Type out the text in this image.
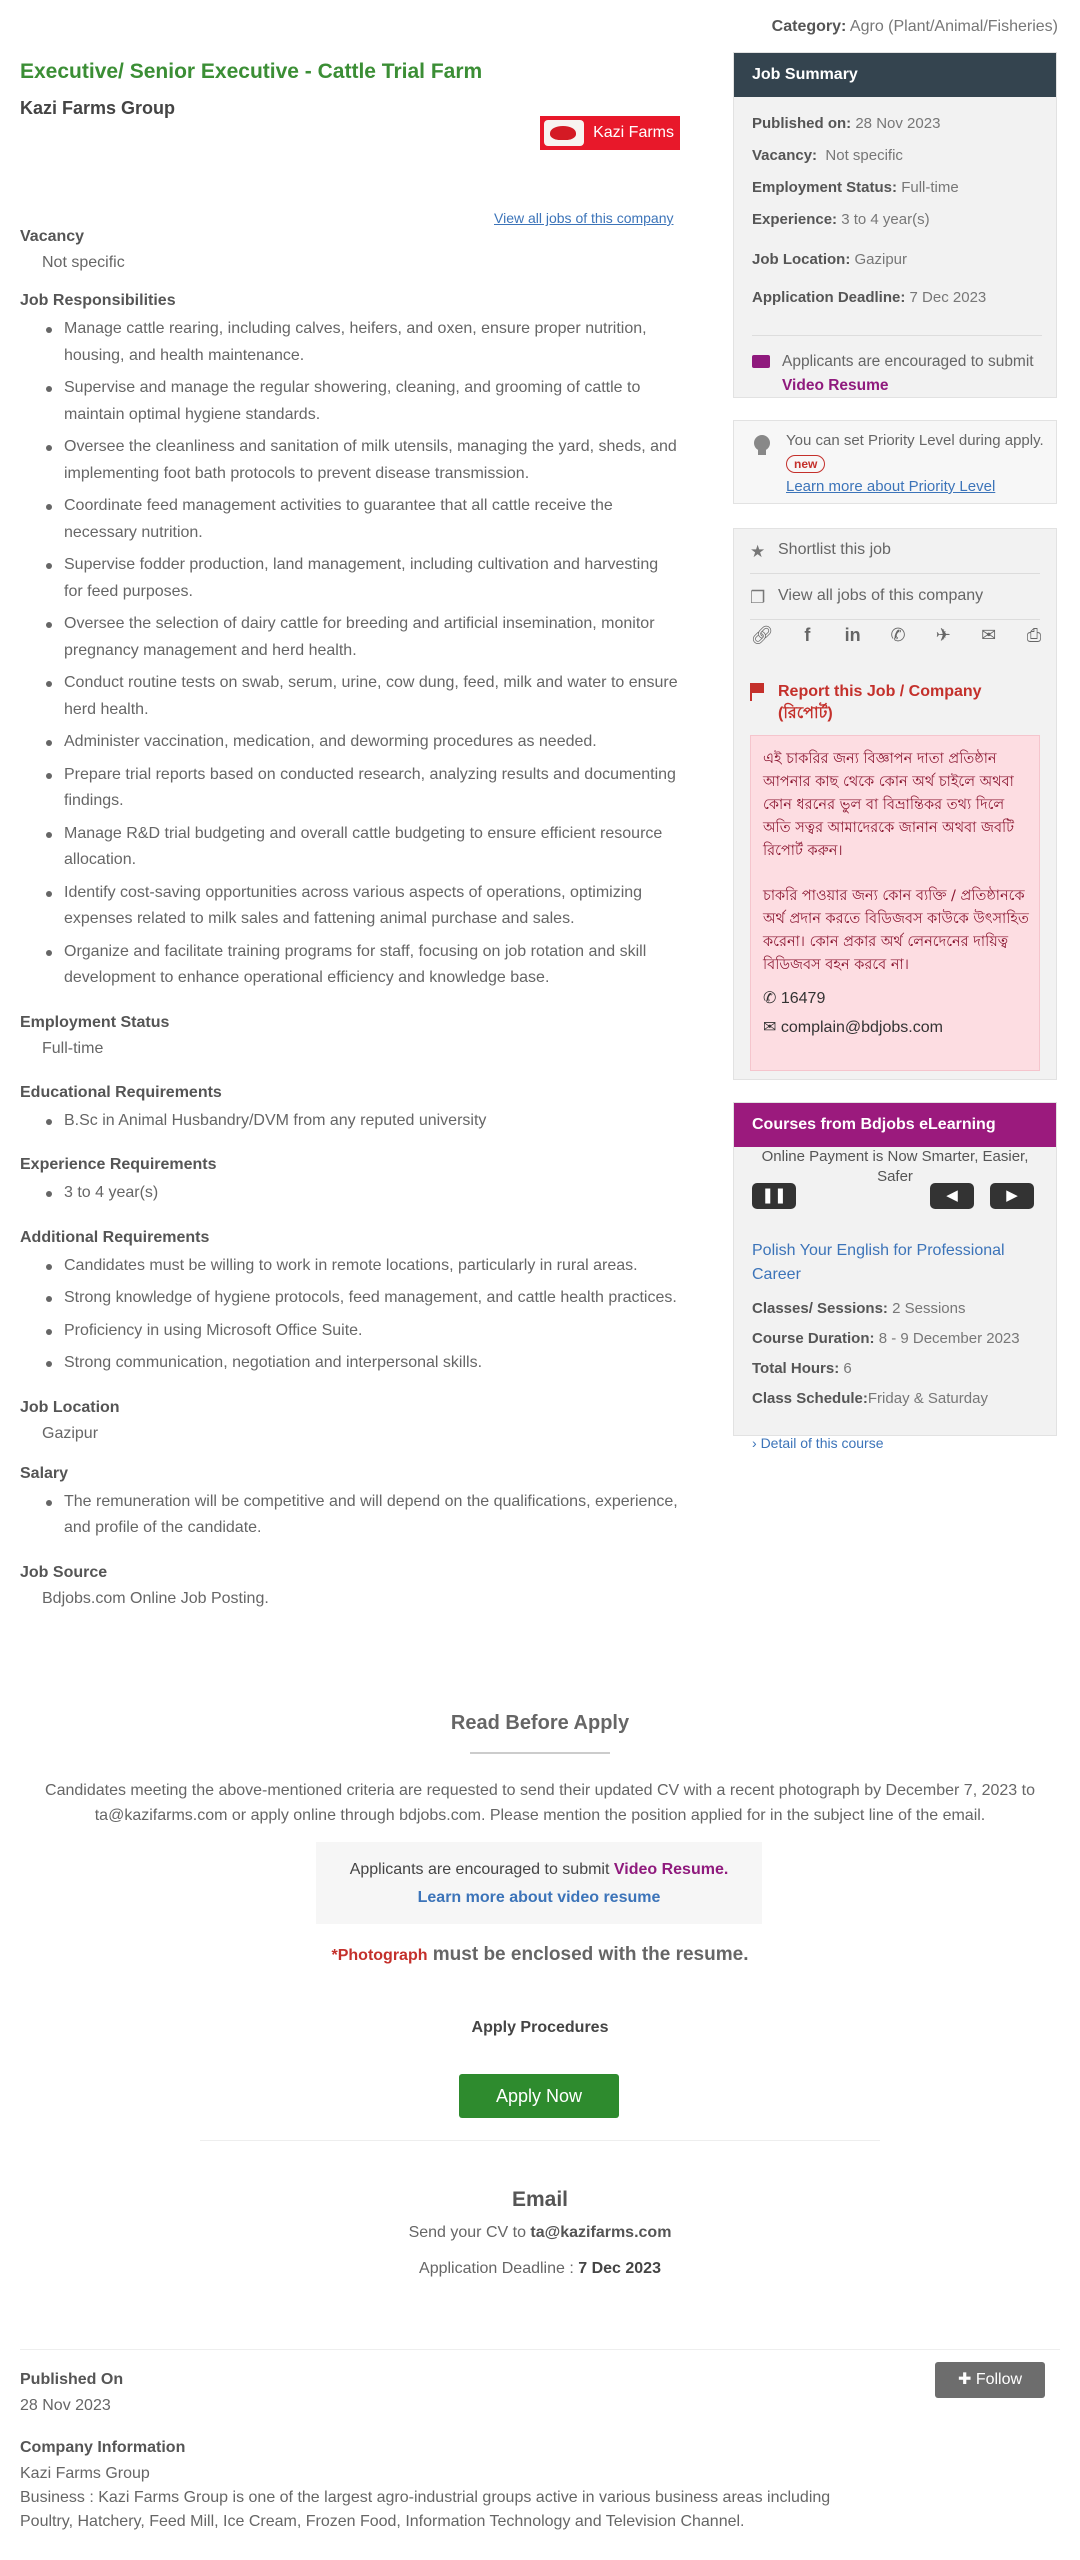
Category: Agro (Plant/Animal/Fisheries)
Executive/ Senior Executive - Cattle Trial Farm
Kazi Farms Group
Kazi Farms
View all jobs of this company
Vacancy
Not specific
Job Responsibilities
Manage cattle rearing, including calves, heifers, and oxen, ensure proper nutrition, housing, and health maintenance.
Supervise and manage the regular showering, cleaning, and grooming of cattle to maintain optimal hygiene standards.
Oversee the cleanliness and sanitation of milk utensils, managing the yard, sheds, and implementing foot bath protocols to prevent disease transmission.
Coordinate feed management activities to guarantee that all cattle receive the necessary nutrition.
Supervise fodder production, land management, including cultivation and harvesting for feed purposes.
Oversee the selection of dairy cattle for breeding and artificial insemination, monitor pregnancy management and herd health.
Conduct routine tests on swab, serum, urine, cow dung, feed, milk and water to ensure herd health.
Administer vaccination, medication, and deworming procedures as needed.
Prepare trial reports based on conducted research, analyzing results and documenting findings.
Manage R&D trial budgeting and overall cattle budgeting to ensure efficient resource allocation.
Identify cost-saving opportunities across various aspects of operations, optimizing expenses related to milk sales and fattening animal purchase and sales.
Organize and facilitate training programs for staff, focusing on job rotation and skill development to enhance operational efficiency and knowledge base.
Employment Status
Full-time
Educational Requirements
B.Sc in Animal Husbandry/DVM from any reputed university
Experience Requirements
3 to 4 year(s)
Additional Requirements
Candidates must be willing to work in remote locations, particularly in rural areas.
Strong knowledge of hygiene protocols, feed management, and cattle health practices.
Proficiency in using Microsoft Office Suite.
Strong communication, negotiation and interpersonal skills.
Job Location
Gazipur
Salary
The remuneration will be competitive and will depend on the qualifications, experience, and profile of the candidate.
Job Source
Bdjobs.com Online Job Posting.
Job Summary
Published on: 28 Nov 2023
Vacancy: Not specific
Employment Status: Full-time
Experience: 3 to 4 year(s)
Job Location: Gazipur
Application Deadline: 7 Dec 2023
Applicants are encouraged to submit Video Resume
You can set Priority Level during apply. new
Learn more about Priority Level
★ Shortlist this job
❐ View all jobs of this company
🔗︎	f	in ✆ ✈ ✉ ⎙
Report this Job / Company
(রিপোর্ট)
এই চাকরির জন্য বিজ্ঞাপন দাতা প্রতিষ্ঠান আপনার কাছ থেকে কোন অর্থ চাইলে অথবা কোন ধরনের ভুল বা বিভ্রান্তিকর তথ্য দিলে অতি সত্বর আমাদেরকে জানান অথবা জবটি রিপোর্ট করুন।
চাকরি পাওয়ার জন্য কোন ব্যক্তি / প্রতিষ্ঠানকে অর্থ প্রদান করতে বিডিজবস কাউকে উৎসাহিত করেনা। কোন প্রকার অর্থ লেনদেনের দায়িত্ব বিডিজবস বহন করবে না।
✆ 16479
✉ complain@bdjobs.com
Courses from Bdjobs eLearning
Online Payment is Now Smarter, Easier, Safer
❚❚	◀	▶
Polish Your English for Professional Career
Classes/ Sessions: 2 Sessions
Course Duration: 8 - 9 December 2023
Total Hours: 6
Class Schedule:Friday & Saturday
› Detail of this course
Read Before Apply
Candidates meeting the above-mentioned criteria are requested to send their updated CV with a recent photograph by December 7, 2023 to ta@kazifarms.com or apply online through bdjobs.com. Please mention the position applied for in the subject line of the email.
Applicants are encouraged to submit Video Resume.
Learn more about video resume
*Photograph must be enclosed with the resume.
Apply Procedures
Apply Now
Email
Send your CV to ta@kazifarms.com
Application Deadline : 7 Dec 2023
✚ Follow
Published On
28 Nov 2023
Company Information
Kazi Farms Group
Business : Kazi Farms Group is one of the largest agro-industrial groups active in various business areas including Poultry, Hatchery, Feed Mill, Ice Cream, Frozen Food, Information Technology and Television Channel.
